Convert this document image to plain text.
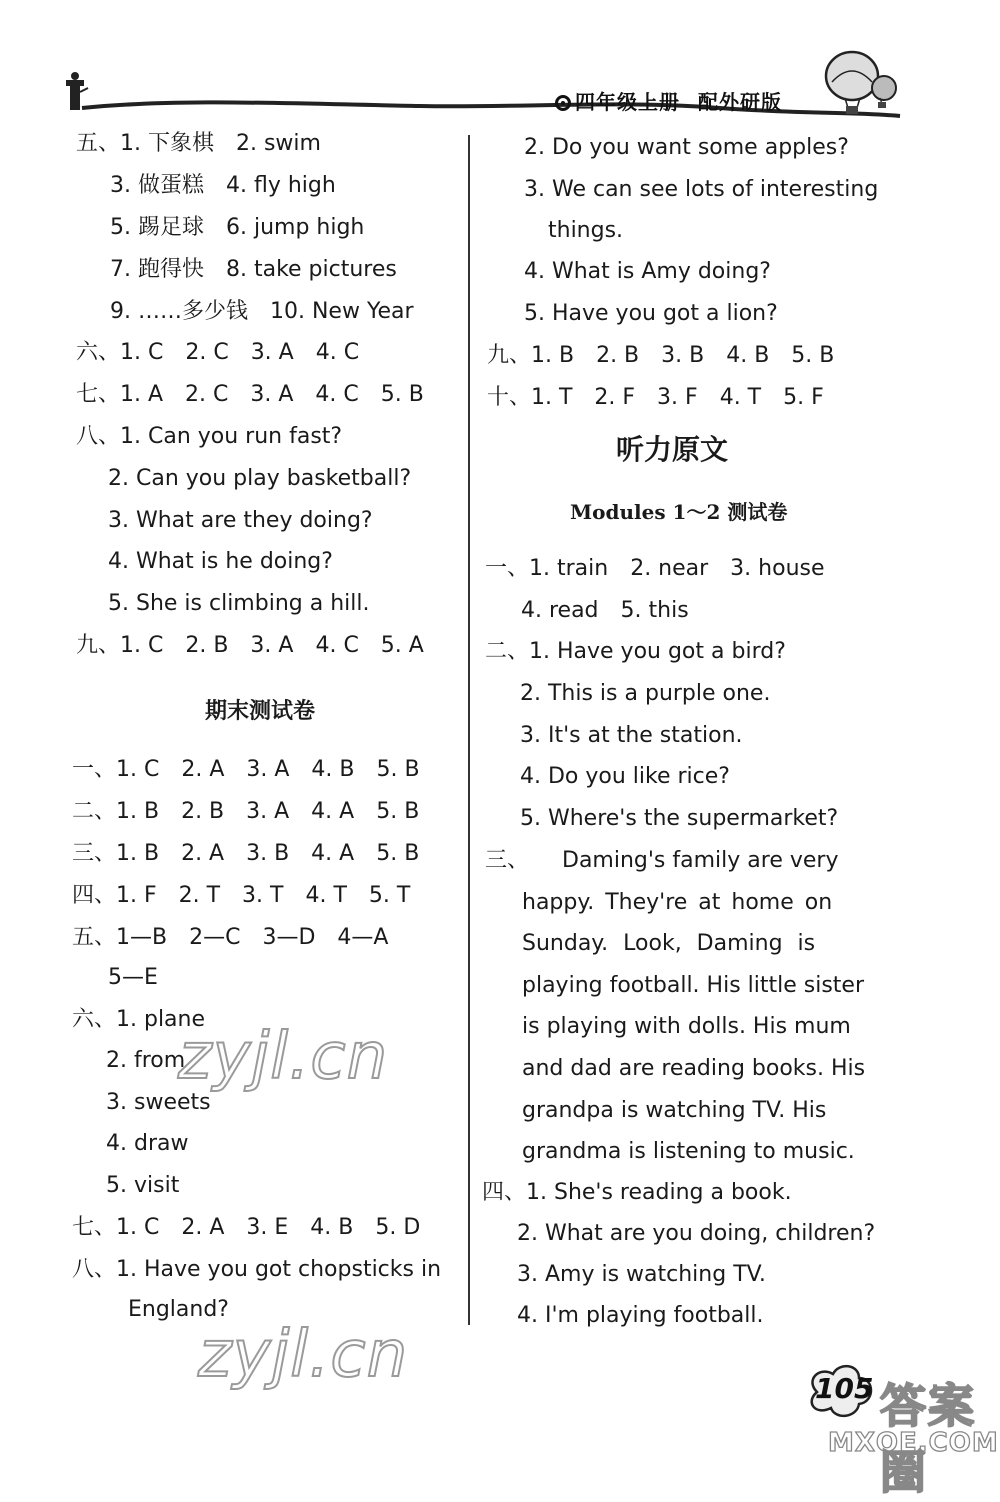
四年级上册 配外研版
五、1. 下象棋　2. swim
3. 做蛋糕　4. fly high
5. 踢足球　6. jump high
7. 跑得快　8. take pictures
9. ……多少钱　10. New Year
六、1. C　2. C　3. A　4. C
七、1. A　2. C　3. A　4. C　5. B
八、1. Can you run fast?
2. Can you play basketball?
3. What are they doing?
4. What is he doing?
5. She is climbing a hill.
九、1. C　2. B　3. A　4. C　5. A
期末测试卷
一、1. C　2. A　3. A　4. B　5. B
二、1. B　2. B　3. A　4. A　5. B
三、1. B　2. A　3. B　4. A　5. B
四、1. F　2. T　3. T　4. T　5. T
五、1—B　2—C　3—D　4—A
5—E
六、1. plane
2. from
3. sweets
4. draw
5. visit
七、1. C　2. A　3. E　4. B　5. D
八、1. Have you got chopsticks in
England?
2. Do you want some apples?
3. We can see lots of interesting
things.
4. What is Amy doing?
5. Have you got a lion?
九、1. B　2. B　3. B　4. B　5. B
十、1. T　2. F　3. F　4. T　5. F
听力原文
Modules 1～2 测试卷
一、1. train　2. near　3. house
4. read　5. this
二、1. Have you got a bird?
2. This is a purple one.
3. It's at the station.
4. Do you like rice?
5. Where's the supermarket?
三、　　Daming's family are very
happy. They're at home on
Sunday. Look, Daming is
playing football. His little sister
is playing with dolls. His mum
and dad are reading books. His
grandpa is watching TV. His
grandma is listening to music.
四、1. She's reading a book.
2. What are you doing, children?
3. Amy is watching TV.
4. I'm playing football.
zyjl.cn
zyjl.cn	105 答案圈
MXQE.COM
